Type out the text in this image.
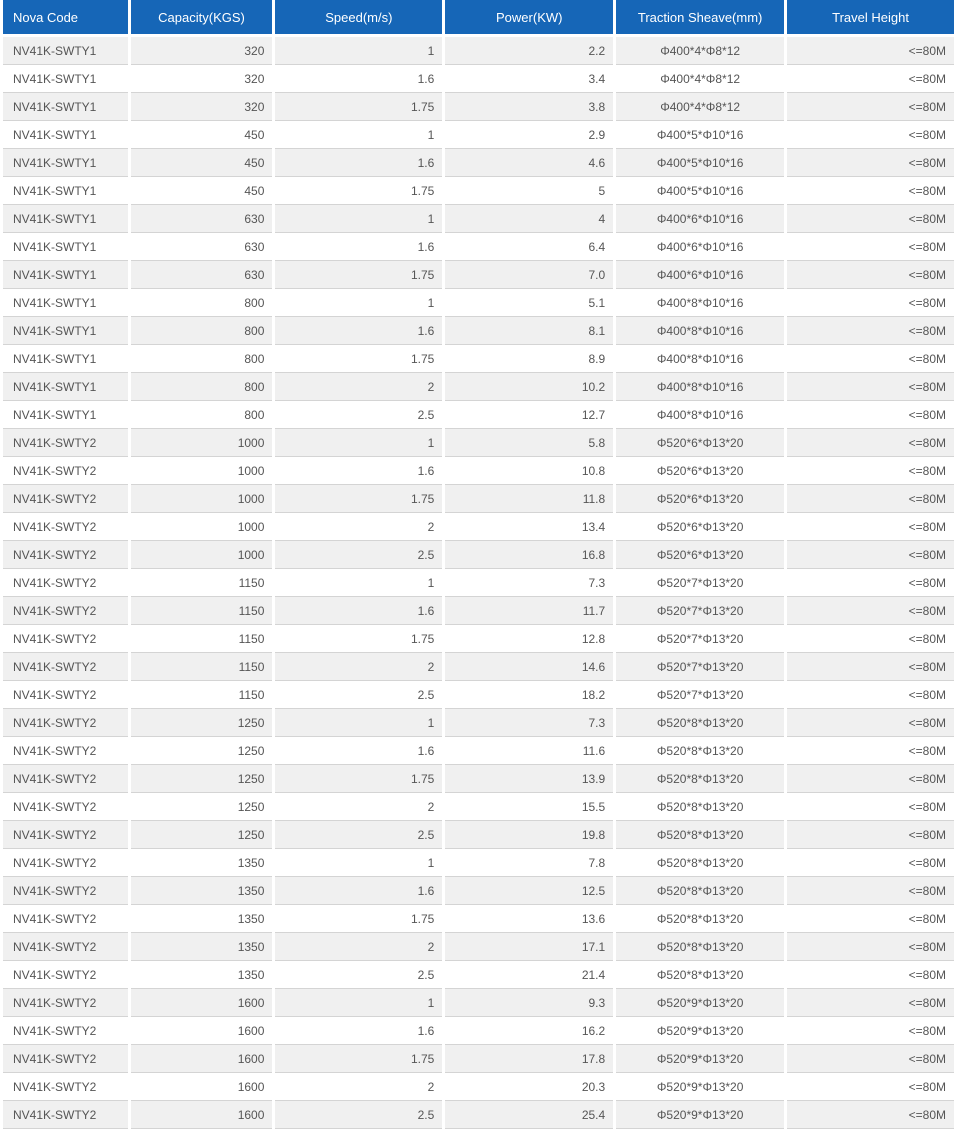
Nova Code	Capacity(KGS)	Speed(m/s)	Power(KW)	Traction Sheave(mm)	Travel Height

NV41K-SWTY1	320	1	2.2	Φ400*4*Φ8*12	<=80M
NV41K-SWTY1	320	1.6	3.4	Φ400*4*Φ8*12	<=80M
NV41K-SWTY1	320	1.75	3.8	Φ400*4*Φ8*12	<=80M
NV41K-SWTY1	450	1	2.9	Φ400*5*Φ10*16	<=80M
NV41K-SWTY1	450	1.6	4.6	Φ400*5*Φ10*16	<=80M
NV41K-SWTY1	450	1.75	5	Φ400*5*Φ10*16	<=80M
NV41K-SWTY1	630	1	4	Φ400*6*Φ10*16	<=80M
NV41K-SWTY1	630	1.6	6.4	Φ400*6*Φ10*16	<=80M
NV41K-SWTY1	630	1.75	7.0	Φ400*6*Φ10*16	<=80M
NV41K-SWTY1	800	1	5.1	Φ400*8*Φ10*16	<=80M
NV41K-SWTY1	800	1.6	8.1	Φ400*8*Φ10*16	<=80M
NV41K-SWTY1	800	1.75	8.9	Φ400*8*Φ10*16	<=80M
NV41K-SWTY1	800	2	10.2	Φ400*8*Φ10*16	<=80M
NV41K-SWTY1	800	2.5	12.7	Φ400*8*Φ10*16	<=80M
NV41K-SWTY2	1000	1	5.8	Φ520*6*Φ13*20	<=80M
NV41K-SWTY2	1000	1.6	10.8	Φ520*6*Φ13*20	<=80M
NV41K-SWTY2	1000	1.75	11.8	Φ520*6*Φ13*20	<=80M
NV41K-SWTY2	1000	2	13.4	Φ520*6*Φ13*20	<=80M
NV41K-SWTY2	1000	2.5	16.8	Φ520*6*Φ13*20	<=80M
NV41K-SWTY2	1150	1	7.3	Φ520*7*Φ13*20	<=80M
NV41K-SWTY2	1150	1.6	11.7	Φ520*7*Φ13*20	<=80M
NV41K-SWTY2	1150	1.75	12.8	Φ520*7*Φ13*20	<=80M
NV41K-SWTY2	1150	2	14.6	Φ520*7*Φ13*20	<=80M
NV41K-SWTY2	1150	2.5	18.2	Φ520*7*Φ13*20	<=80M
NV41K-SWTY2	1250	1	7.3	Φ520*8*Φ13*20	<=80M
NV41K-SWTY2	1250	1.6	11.6	Φ520*8*Φ13*20	<=80M
NV41K-SWTY2	1250	1.75	13.9	Φ520*8*Φ13*20	<=80M
NV41K-SWTY2	1250	2	15.5	Φ520*8*Φ13*20	<=80M
NV41K-SWTY2	1250	2.5	19.8	Φ520*8*Φ13*20	<=80M
NV41K-SWTY2	1350	1	7.8	Φ520*8*Φ13*20	<=80M
NV41K-SWTY2	1350	1.6	12.5	Φ520*8*Φ13*20	<=80M
NV41K-SWTY2	1350	1.75	13.6	Φ520*8*Φ13*20	<=80M
NV41K-SWTY2	1350	2	17.1	Φ520*8*Φ13*20	<=80M
NV41K-SWTY2	1350	2.5	21.4	Φ520*8*Φ13*20	<=80M
NV41K-SWTY2	1600	1	9.3	Φ520*9*Φ13*20	<=80M
NV41K-SWTY2	1600	1.6	16.2	Φ520*9*Φ13*20	<=80M
NV41K-SWTY2	1600	1.75	17.8	Φ520*9*Φ13*20	<=80M
NV41K-SWTY2	1600	2	20.3	Φ520*9*Φ13*20	<=80M
NV41K-SWTY2	1600	2.5	25.4	Φ520*9*Φ13*20	<=80M
